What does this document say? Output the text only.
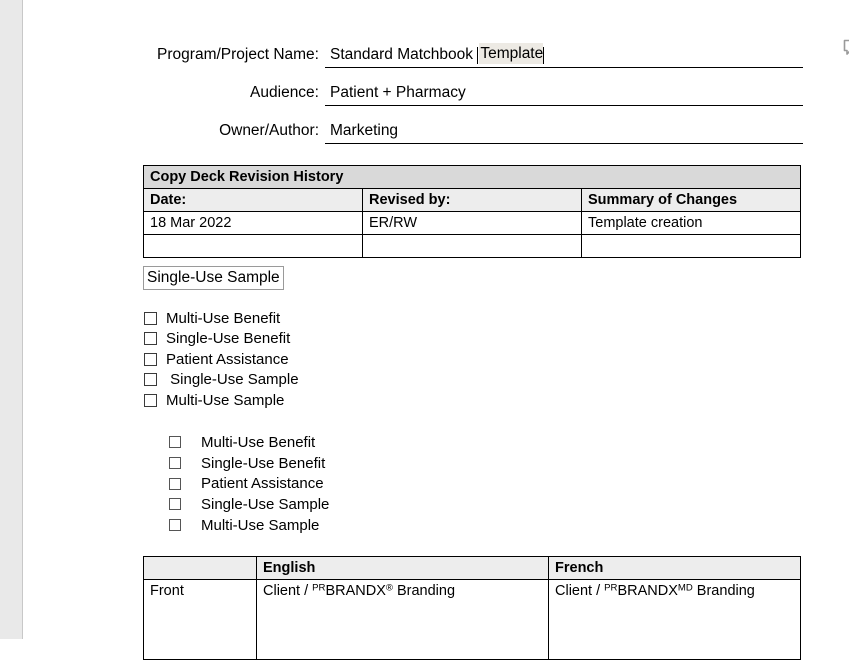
Program/Project Name: Standard Matchbook Template
Audience: Patient + Pharmacy
Owner/Author: Marketing
Copy Deck Revision History		
Date:	Revised by:	Summary of Changes
18 Mar 2022	ER/RW	Template creation

Single-Use Sample
Multi-Use Benefit
Single-Use Benefit
Patient Assistance
Single-Use Sample
Multi-Use Sample
Multi-Use Benefit
Single-Use Benefit
Patient Assistance
Single-Use Sample
Multi-Use Sample
	English	French
Front	Client / $^{PR}$BRANDX® Branding	Client / $^{PR}BRANDX^{MD}$ Branding
